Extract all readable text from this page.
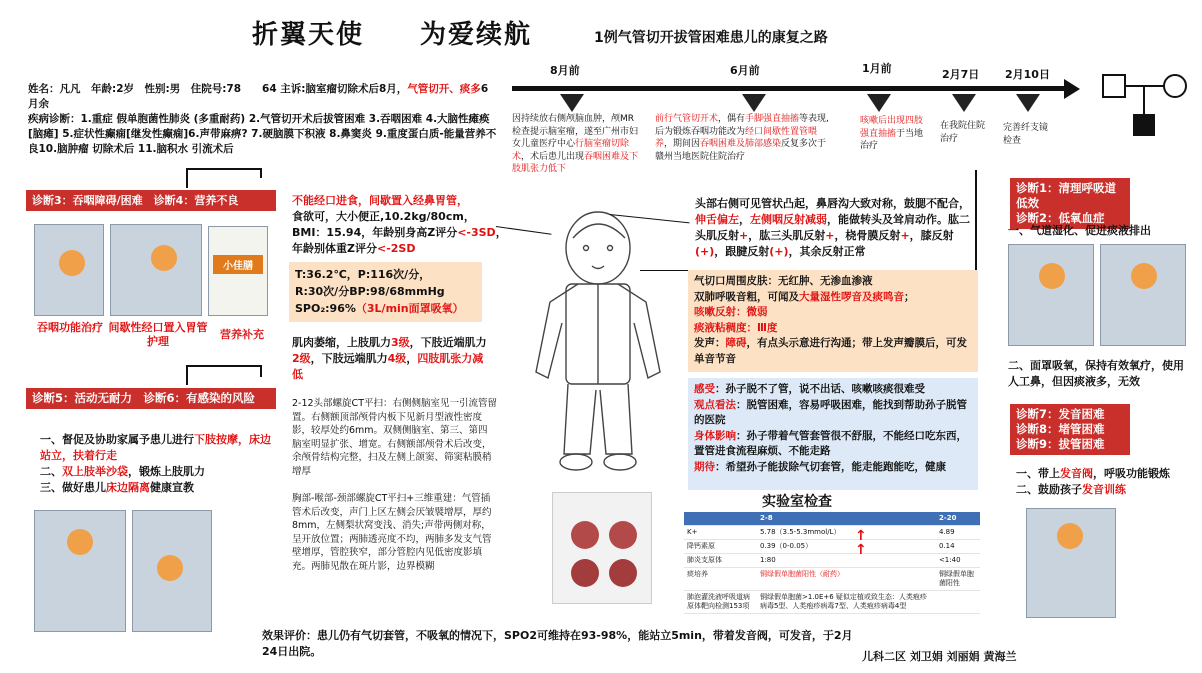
折翼天使　　为爱续航	1例气管切开拔管困难患儿的康复之路
8月前	6月前	1月前	2月7日 2月10日
因持续放右侧颅脑血肿，颅MR检查提示脑室瘤，遂至广州市妇女儿童医疗中心行脑室瘤切除术，术后患儿出现吞咽困难及下肢肌张力低下
前行气管切开术，偶有手脚强直抽搐等表现,后为锻炼吞咽功能改为经口间歇性置管喂养，期间因吞咽困难及肺部感染反复多次于赣州当地医院住院治疗
咳嗽后出现四肢强直抽搐于当地治疗
在我院住院治疗
完善纤支镜检查
姓名：凡凡　年龄:2岁　性别:男　住院号:78　　64 主诉:脑室瘤切除术后8月，气管切开、痰多6月余
疾病诊断：1.重症 假单胞菌性肺炎 (多重耐药) 2.气管切开术后拔管困难 3.吞咽困难 4.大脑性瘫痪 [脑瘫] 5.症状性癫痫[继发性癫痫]6.声带麻痹? 7.硬脑膜下积液 8.鼻窦炎 9.重度蛋白质-能量营养不良10.脑肿瘤 切除术后 11.脑积水 引流术后
诊断3：吞咽障碍/困难　诊断4：营养不良
小佳膳
吞咽功能治疗 间歇性经口置入胃管护理
营养补充
不能经口进食，间歇置入经鼻胃管，
食欲可，大小便正,10.2kg/80cm，
BMI：15.94，年龄别身高Z评分<-3SD，年龄别体重Z评分<-2SD
T:36.2℃，P:116次/分，
R:30次/分BP:98/68mmHg
SPO₂:96%（3L/min面罩吸氧）
肌肉萎缩，上肢肌力3级，下肢近端肌力2级，下肢远端肌力4级，四肢肌张力减低
2-12头部螺旋CT平扫：右侧侧脑室见一引流管留置。右侧额顶部颅骨内板下见新月型液性密度影，较厚处约6mm。双侧侧脑室、第三、第四脑室明显扩张、增宽。右侧额部颅骨术后改变，余颅骨结构完整，扫及左侧上颌窦、筛窦粘膜稍增厚
胸部-喉部-颈部螺旋CT平扫+三维重建：气管插管术后改变，声门上区左侧会厌皱襞增厚，厚约8mm，左侧梨状窝变浅、消失;声带两侧对称，呈开放位置；两肺透亮度不均，两肺多发支气管壁增厚，管腔狭窄，部分管腔内见低密度影填充。两肺见散在斑片影，边界模糊
头部右侧可见管状凸起，鼻唇沟大致对称，鼓腮不配合，伸舌偏左，左侧咽反射减弱，能做转头及耸肩动作。肱二头肌反射+，肱三头肌反射+，桡骨膜反射+，膝反射(+)，跟腱反射(+)，其余反射正常
气切口周围皮肤：无红肿、无渗血渗液
双肺呼吸音粗，可闻及大量湿性啰音及痰鸣音；
咳嗽反射：微弱
痰液粘稠度：Ⅲ度
发声：障碍，有点头示意进行沟通；带上发声瓣膜后，可发单音节音
感受：孙子脱不了管，说不出话、咳嗽咳痰很难受
观点看法：脱管困难，容易呼吸困难，能找到帮助孙子脱管的医院
身体影响：孙子带着气管套管很不舒服，不能经口吃东西，置管进食流程麻烦、不能走路
期待：希望孙子能拔除气切套管，能走能跑能吃，健康
实验室检查
	2-8	2-20
K+	5.78（3.5-5.3mmol/L）	4.89
降钙素原	0.39（0-0.05）	0.14
肺炎支原体	1:80	<1:40
痰培养	铜绿假单胞菌阳性（耐药）	铜绿假单胞菌阳性
肺泡灌洗液呼吸道病原体靶向检测153项	铜绿假单胞菌>1.0E+6 疑似定植或致生态：人类疱疹病毒5型、人类疱疹病毒7型、人类疱疹病毒4型	
↑
↑
诊断1：清理呼吸道低效
诊断2：低氧血症
一、气道湿化、促进痰液排出
二、面罩吸氧，保持有效氧疗，使用人工鼻，但因痰液多，无效
诊断7：发音困难
诊断8：堵管困难
诊断9：拔管困难
一、带上发音阀，呼吸功能锻炼
二、鼓励孩子发音训练
诊断5：活动无耐力　诊断6：有感染的风险
一、督促及协助家属予患儿进行下肢按摩，床边站立，扶着行走
二、双上肢举沙袋，锻炼上肢肌力
三、做好患儿床边隔离健康宣教
效果评价：患儿仍有气切套管，不吸氧的情况下，SPO2可维持在93-98%，能站立5min，带着发音阀，可发音，于2月24日出院。	儿科二区 刘卫娟 刘丽娟 黄海兰
